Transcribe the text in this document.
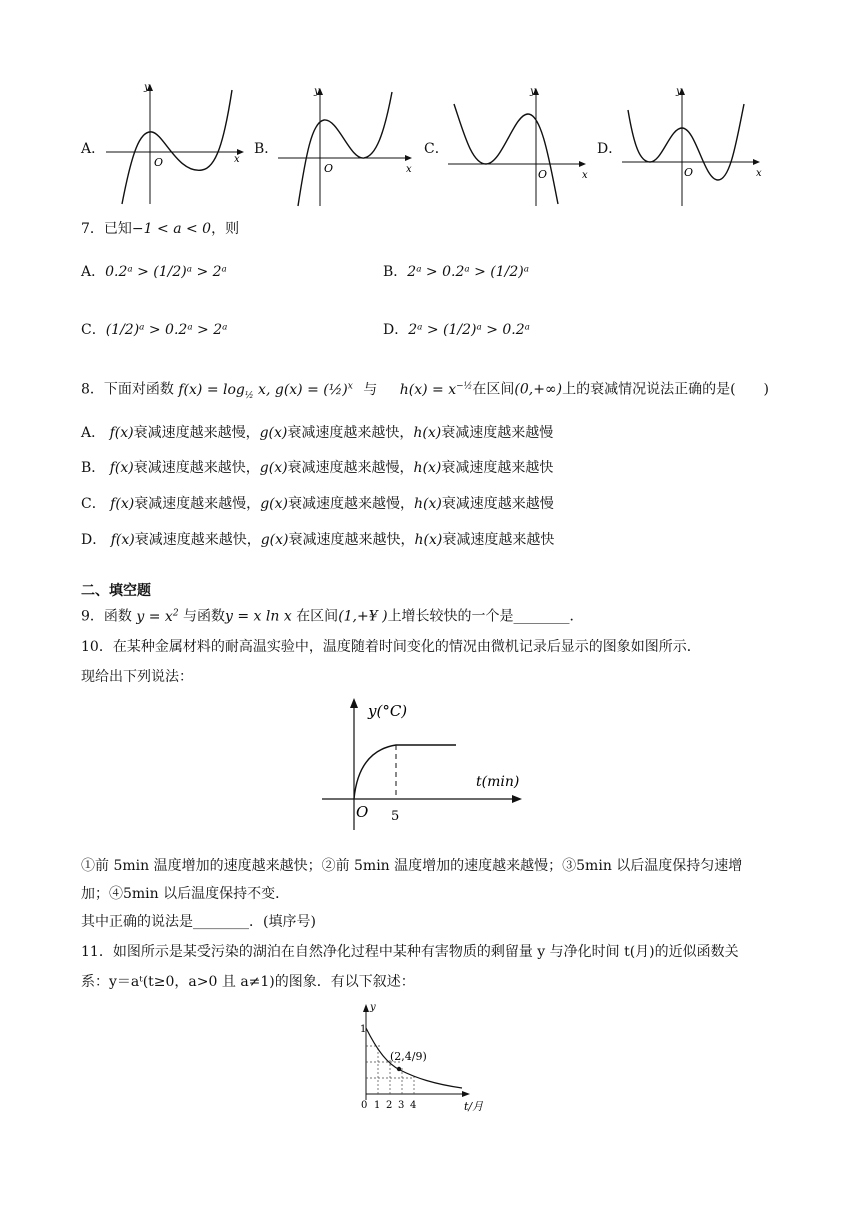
A．
y
x
O
B．
y
x
O
C．
y
x
O
D．
y
x
O
7．已知−1 < a < 0，则
A．0.2ᵃ > (1/2)ᵃ > 2ᵃ	B．2ᵃ > 0.2ᵃ > (1/2)ᵃ
C．(1/2)ᵃ > 0.2ᵃ > 2ᵃ	D．2ᵃ > (1/2)ᵃ > 0.2ᵃ
8．下面对函数 $f(x) = \log_{\frac{1}{2}} x$, g(x) = (½)$^x$ 与 $h(x) = x^{-\frac{1}{2}}$在区间(0,+∞)上的衰减情况说法正确的是(　　)
A． f(x)衰减速度越来越慢，g(x)衰减速度越来越快，h(x)衰减速度越来越慢
B． f(x)衰减速度越来越快，g(x)衰减速度越来越慢，h(x)衰减速度越来越快
C． f(x)衰减速度越来越慢，g(x)衰减速度越来越慢，h(x)衰减速度越来越慢
D． f(x)衰减速度越来越快，g(x)衰减速度越来越快，h(x)衰减速度越来越快
二、填空题
9．函数 $y = x^2$ 与函数y = x ln x 在区间(1,+¥ )上增长较快的一个是________．
10．在某种金属材料的耐高温实验中，温度随着时间变化的情况由微机记录后显示的图象如图所示．
现给出下列说法：
y(°C)
t(min)
O 5
①前 5min 温度增加的速度越来越快；②前 5min 温度增加的速度越来越慢；③5min 以后温度保持匀速增
加；④5min 以后温度保持不变．
其中正确的说法是________．(填序号)
11．如图所示是某受污染的湖泊在自然净化过程中某种有害物质的剩留量 y 与净化时间 t(月)的近似函数关
系：y＝aᵗ(t≥0，a>0 且 a≠1)的图象．有以下叙述：
y
1
(2,4/9)
t/月
0 1 2 3 4
